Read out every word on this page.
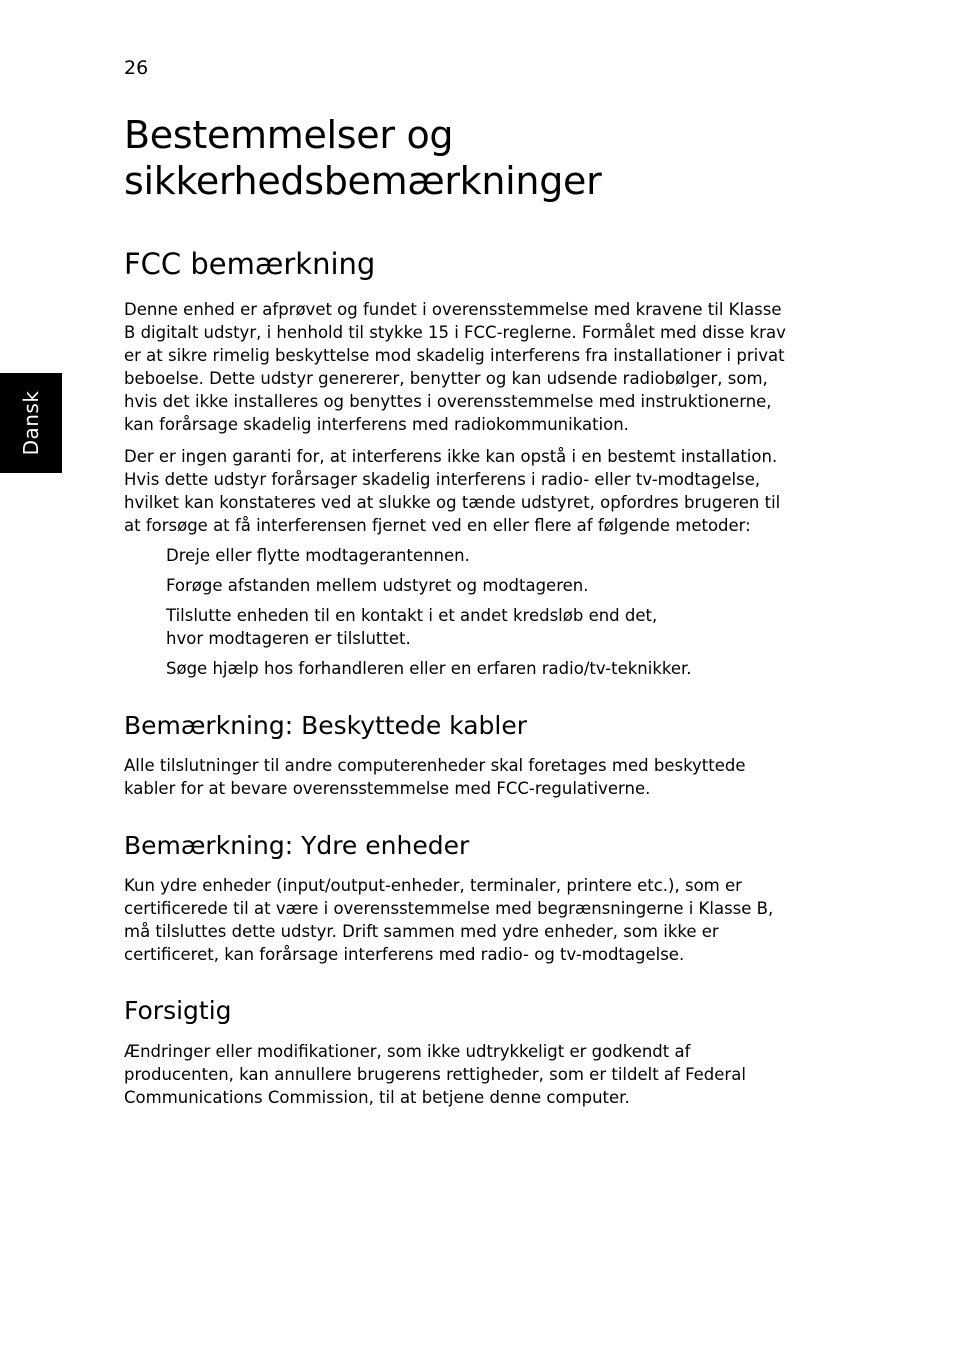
26
Dansk
Bestemmelser og
sikkerhedsbemærkninger
FCC bemærkning

Denne enhed er afprøvet og fundet i overensstemmelse med kravene til Klasse
B digitalt udstyr, i henhold til stykke 15 i FCC-reglerne. Formålet med disse krav
er at sikre rimelig beskyttelse mod skadelig interferens fra installationer i privat
beboelse. Dette udstyr genererer, benytter og kan udsende radiobølger, som,
hvis det ikke installeres og benyttes i overensstemmelse med instruktionerne,
kan forårsage skadelig interferens med radiokommunikation.

Der er ingen garanti for, at interferens ikke kan opstå i en bestemt installation.
Hvis dette udstyr forårsager skadelig interferens i radio- eller tv-modtagelse,
hvilket kan konstateres ved at slukke og tænde udstyret, opfordres brugeren til
at forsøge at få interferensen fjernet ved en eller flere af følgende metoder:

Dreje eller flytte modtagerantennen.
Forøge afstanden mellem udstyret og modtageren.
Tilslutte enheden til en kontakt i et andet kredsløb end det,
hvor modtageren er tilsluttet.
Søge hjælp hos forhandleren eller en erfaren radio/tv-teknikker.
Bemærkning: Beskyttede kabler

Alle tilslutninger til andre computerenheder skal foretages med beskyttede
kabler for at bevare overensstemmelse med FCC-regulativerne.

Bemærkning: Ydre enheder

Kun ydre enheder (input/output-enheder, terminaler, printere etc.), som er
certificerede til at være i overensstemmelse med begrænsningerne i Klasse B,
må tilsluttes dette udstyr. Drift sammen med ydre enheder, som ikke er
certificeret, kan forårsage interferens med radio- og tv-modtagelse.

Forsigtig

Ændringer eller modifikationer, som ikke udtrykkeligt er godkendt af
producenten, kan annullere brugerens rettigheder, som er tildelt af Federal
Communications Commission, til at betjene denne computer.
